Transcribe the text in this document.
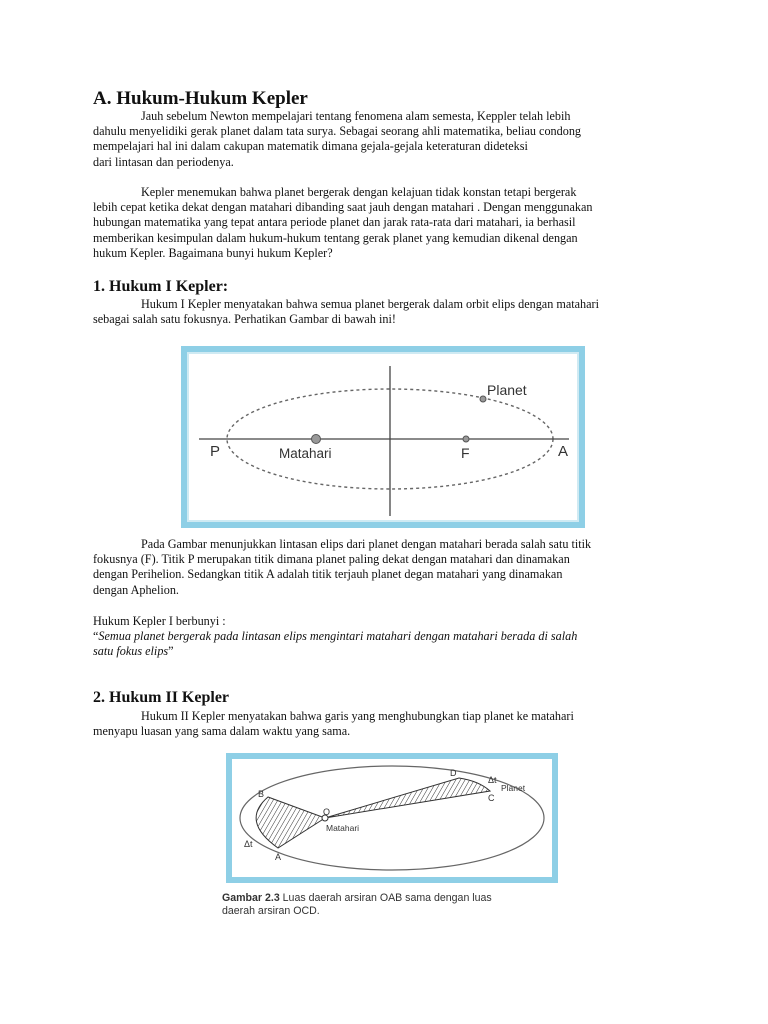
A. Hukum-Hukum Kepler

Jauh sebelum Newton mempelajari tentang fenomena alam semesta, Keppler telah lebih
dahulu menyelidiki gerak planet dalam tata surya. Sebagai seorang ahli matematika, beliau condong
mempelajari hal ini dalam cakupan matematik dimana gejala-gejala keteraturan dideteksi
dari lintasan dan periodenya.

Kepler menemukan bahwa planet bergerak dengan kelajuan tidak konstan tetapi bergerak
lebih cepat ketika dekat dengan matahari dibanding saat jauh dengan matahari . Dengan menggunakan
hubungan matematika yang tepat antara periode planet dan jarak rata-rata dari matahari, ia berhasil
memberikan kesimpulan dalam hukum-hukum tentang gerak planet yang kemudian dikenal dengan
hukum Kepler. Bagaimana bunyi hukum Kepler?

1. Hukum I Kepler:

Hukum I Kepler menyatakan bahwa semua planet bergerak dalam orbit elips dengan matahari
sebagai salah satu fokusnya. Perhatikan Gambar di bawah ini!

Pada Gambar menunjukkan lintasan elips dari planet dengan matahari berada salah satu titik
fokusnya (F). Titik P merupakan titik dimana planet paling dekat dengan matahari dan dinamakan
dengan Perihelion. Sedangkan titik A adalah titik terjauh planet degan matahari yang dinamakan
dengan Aphelion.

Hukum Kepler I berbunyi :
“Semua planet bergerak pada lintasan elips mengintari matahari dengan matahari berada di salah
satu fokus elips”

2. Hukum II Kepler

Hukum II Kepler menyatakan bahwa garis yang menghubungkan tiap planet ke matahari
menyapu luasan yang sama dalam waktu yang sama.

Planet
P	Matahari	F	A
D
Δt
Planet
C
B
O
Matahari
Δt
A
Gambar 2.3 Luas daerah arsiran OAB sama dengan luas
daerah arsiran OCD.
